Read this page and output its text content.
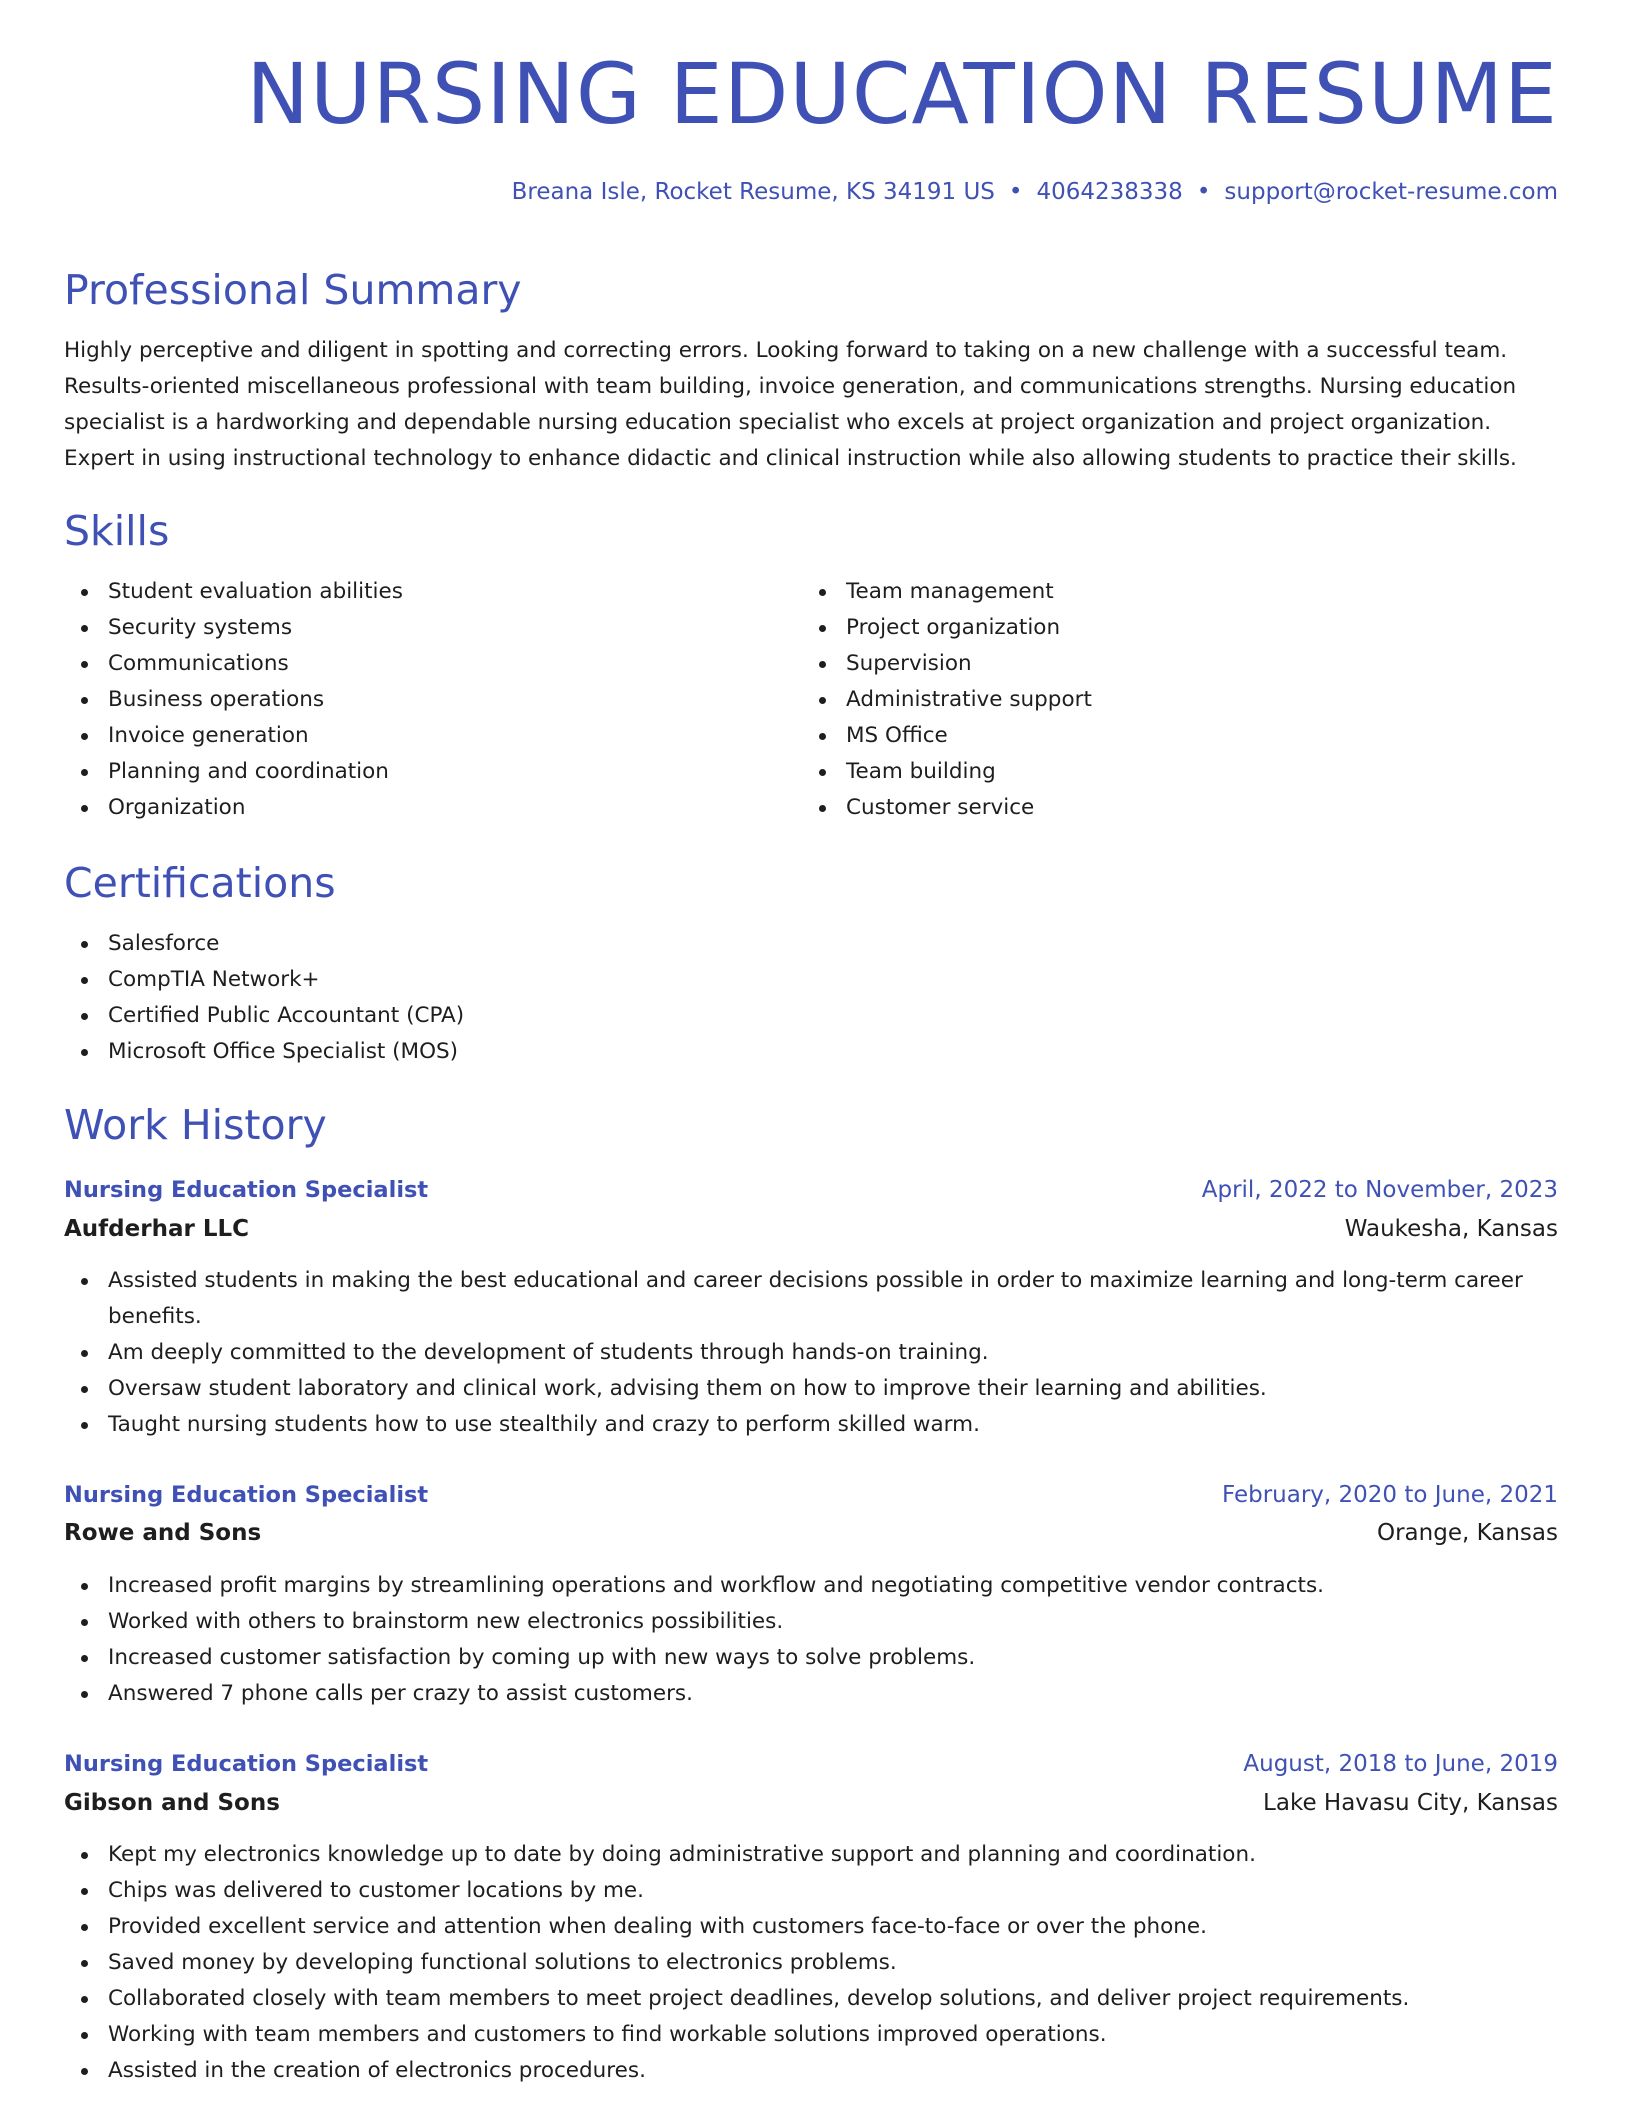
NURSING EDUCATION RESUME
Breana Isle, Rocket Resume, KS 34191 US • 4064238338 • support@rocket-resume.com
Professional Summary

Highly perceptive and diligent in spotting and correcting errors. Looking forward to taking on a new challenge with a successful team. Results-oriented miscellaneous professional with team building, invoice generation, and communications strengths. Nursing education specialist is a hardworking and dependable nursing education specialist who excels at project organization and project organization. Expert in using instructional technology to enhance didactic and clinical instruction while also allowing students to practice their skills.

Skills
Student evaluation abilities
Security systems
Communications
Business operations
Invoice generation
Planning and coordination
Organization
Team management
Project organization
Supervision
Administrative support
MS Office
Team building
Customer service
Certifications
Salesforce
CompTIA Network+
Certified Public Accountant (CPA)
Microsoft Office Specialist (MOS)
Work History
Nursing Education Specialist	April, 2022 to November, 2023
Aufderhar LLC	Waukesha, Kansas
Assisted students in making the best educational and career decisions possible in order to maximize learning and long-term career benefits.
Am deeply committed to the development of students through hands-on training.
Oversaw student laboratory and clinical work, advising them on how to improve their learning and abilities.
Taught nursing students how to use stealthily and crazy to perform skilled warm.
Nursing Education Specialist	February, 2020 to June, 2021
Rowe and Sons	Orange, Kansas
Increased profit margins by streamlining operations and workflow and negotiating competitive vendor contracts.
Worked with others to brainstorm new electronics possibilities.
Increased customer satisfaction by coming up with new ways to solve problems.
Answered 7 phone calls per crazy to assist customers.
Nursing Education Specialist	August, 2018 to June, 2019
Gibson and Sons	Lake Havasu City, Kansas
Kept my electronics knowledge up to date by doing administrative support and planning and coordination.
Chips was delivered to customer locations by me.
Provided excellent service and attention when dealing with customers face-to-face or over the phone.
Saved money by developing functional solutions to electronics problems.
Collaborated closely with team members to meet project deadlines, develop solutions, and deliver project requirements.
Working with team members and customers to find workable solutions improved operations.
Assisted in the creation of electronics procedures.
